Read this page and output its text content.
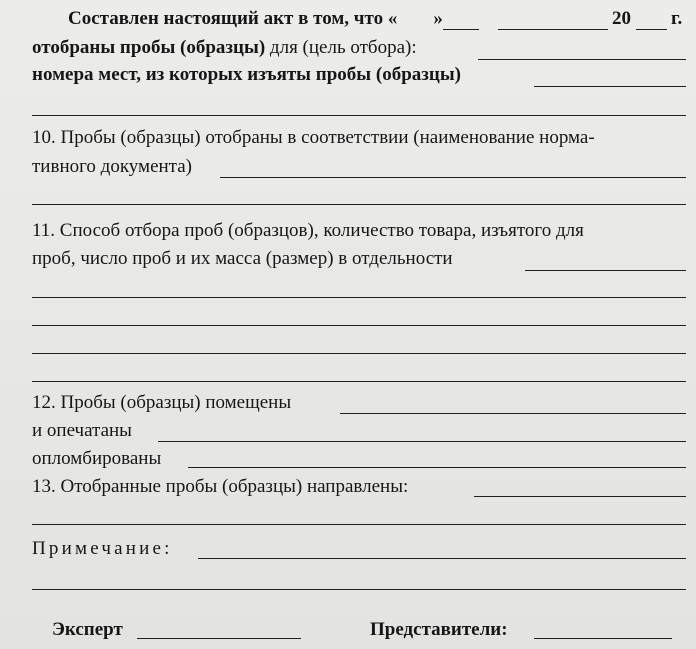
Составлен настоящий акт в том, что « »	20 г.
отобраны пробы (образцы) для (цель отбора):
номера мест, из которых изъяты пробы (образцы)
10. Пробы (образцы) отобраны в соответствии (наименование норма-
тивного документа)
11. Способ отбора проб (образцов), количество товара, изъятого для
проб, число проб и их масса (размер) в отдельности
12. Пробы (образцы) помещены
и опечатаны
опломбированы
13. Отобранные пробы (образцы) направлены:
Примечание:
Эксперт	Представители:
